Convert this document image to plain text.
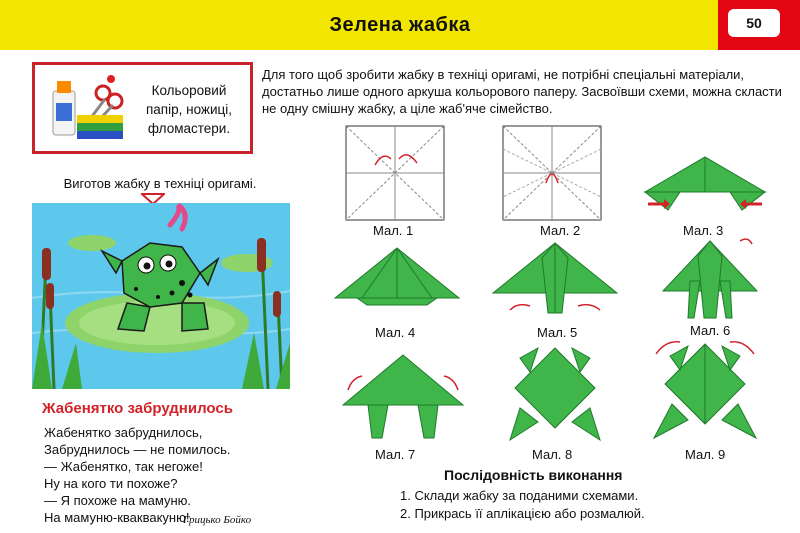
Зелена жабка	50
Кольоровий папір, ножиці, фломастери.
Для того щоб зробити жабку в техніці оригамі, не потрібні спеціальні матеріали, достатньо лише одного аркуша кольорового паперу. Засвоївши схеми, можна скласти не одну смішну жабку, а ціле жаб'яче сімейство.
Виготов жабку в техніці оригамі.
Жабенятко забруднилось
Жабенятко забруднилось,
Забруднилось — не помилось.
— Жабенятко, так негоже!
Ну на кого ти похоже?
— Я похоже на мамуню.
На мамуню-кваквакуню!
Грицько Бойко
Мал. 1	Мал. 2	Мал. 3
Мал. 4	Мал. 5	Мал. 6
Мал. 7	Мал. 8	Мал. 9
Послідовність виконання
1. Склади жабку за поданими схемами.
2. Прикрась її аплікацією або розмалюй.
